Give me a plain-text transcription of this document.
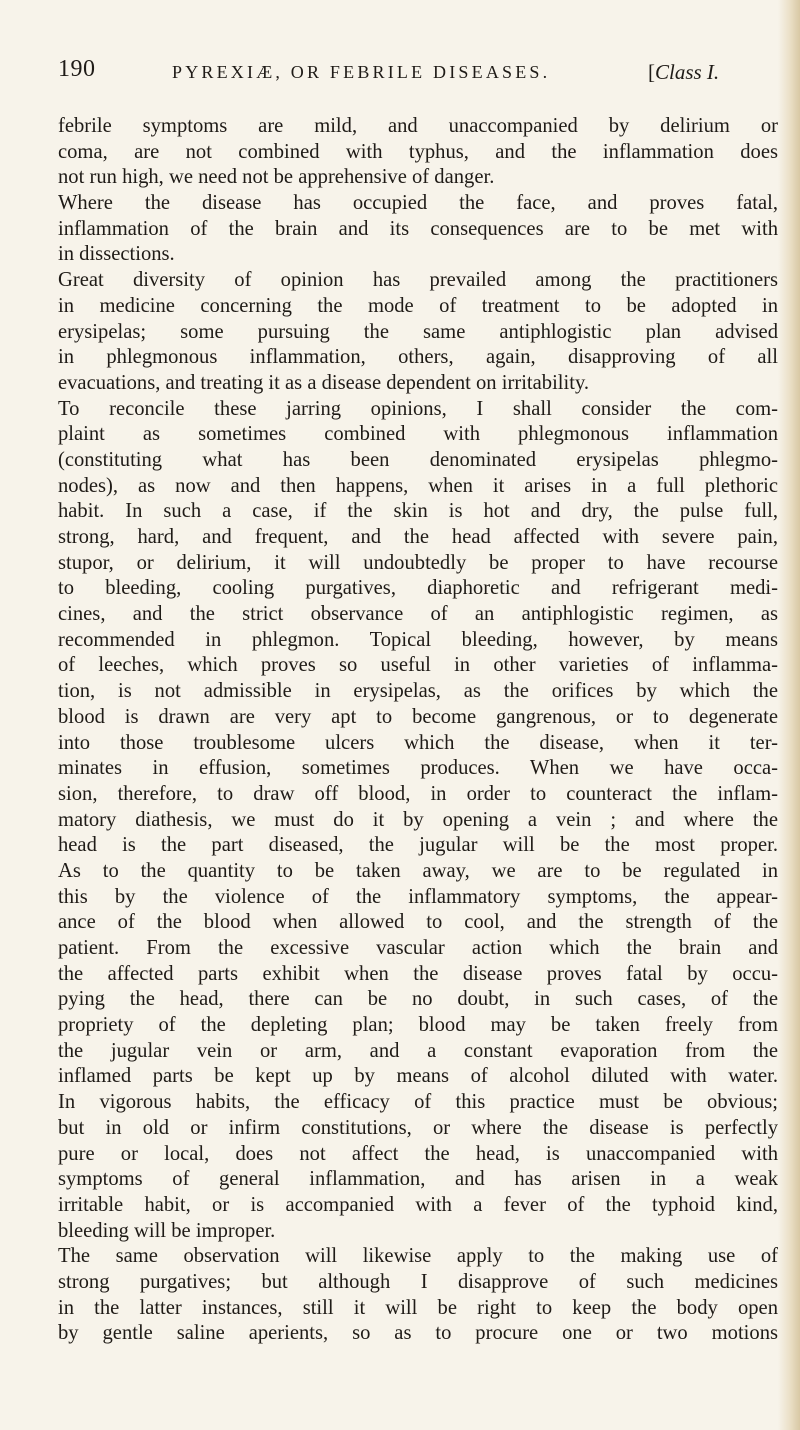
190	PYREXIÆ, OR FEBRILE DISEASES.	[Class I.
febrile symptoms are mild, and unaccompanied by delirium or
coma, are not combined with typhus, and the inflammation does
not run high, we need not be apprehensive of danger.
Where the disease has occupied the face, and proves fatal,
inflammation of the brain and its consequences are to be met with
in dissections.
Great diversity of opinion has prevailed among the practitioners
in medicine concerning the mode of treatment to be adopted in
erysipelas; some pursuing the same antiphlogistic plan advised
in phlegmonous inflammation, others, again, disapproving of all
evacuations, and treating it as a disease dependent on irritability.
To reconcile these jarring opinions, I shall consider the com-
plaint as sometimes combined with phlegmonous inflammation
(constituting what has been denominated erysipelas phlegmo-
nodes), as now and then happens, when it arises in a full plethoric
habit. In such a case, if the skin is hot and dry, the pulse full,
strong, hard, and frequent, and the head affected with severe pain,
stupor, or delirium, it will undoubtedly be proper to have recourse
to bleeding, cooling purgatives, diaphoretic and refrigerant medi-
cines, and the strict observance of an antiphlogistic regimen, as
recommended in phlegmon. Topical bleeding, however, by means
of leeches, which proves so useful in other varieties of inflamma-
tion, is not admissible in erysipelas, as the orifices by which the
blood is drawn are very apt to become gangrenous, or to degenerate
into those troublesome ulcers which the disease, when it ter-
minates in effusion, sometimes produces. When we have occa-
sion, therefore, to draw off blood, in order to counteract the inflam-
matory diathesis, we must do it by opening a vein ; and where the
head is the part diseased, the jugular will be the most proper.
As to the quantity to be taken away, we are to be regulated in
this by the violence of the inflammatory symptoms, the appear-
ance of the blood when allowed to cool, and the strength of the
patient. From the excessive vascular action which the brain and
the affected parts exhibit when the disease proves fatal by occu-
pying the head, there can be no doubt, in such cases, of the
propriety of the depleting plan; blood may be taken freely from
the jugular vein or arm, and a constant evaporation from the
inflamed parts be kept up by means of alcohol diluted with water.
In vigorous habits, the efficacy of this practice must be obvious;
but in old or infirm constitutions, or where the disease is perfectly
pure or local, does not affect the head, is unaccompanied with
symptoms of general inflammation, and has arisen in a weak
irritable habit, or is accompanied with a fever of the typhoid kind,
bleeding will be improper.
The same observation will likewise apply to the making use of
strong purgatives; but although I disapprove of such medicines
in the latter instances, still it will be right to keep the body open
by gentle saline aperients, so as to procure one or two motions
